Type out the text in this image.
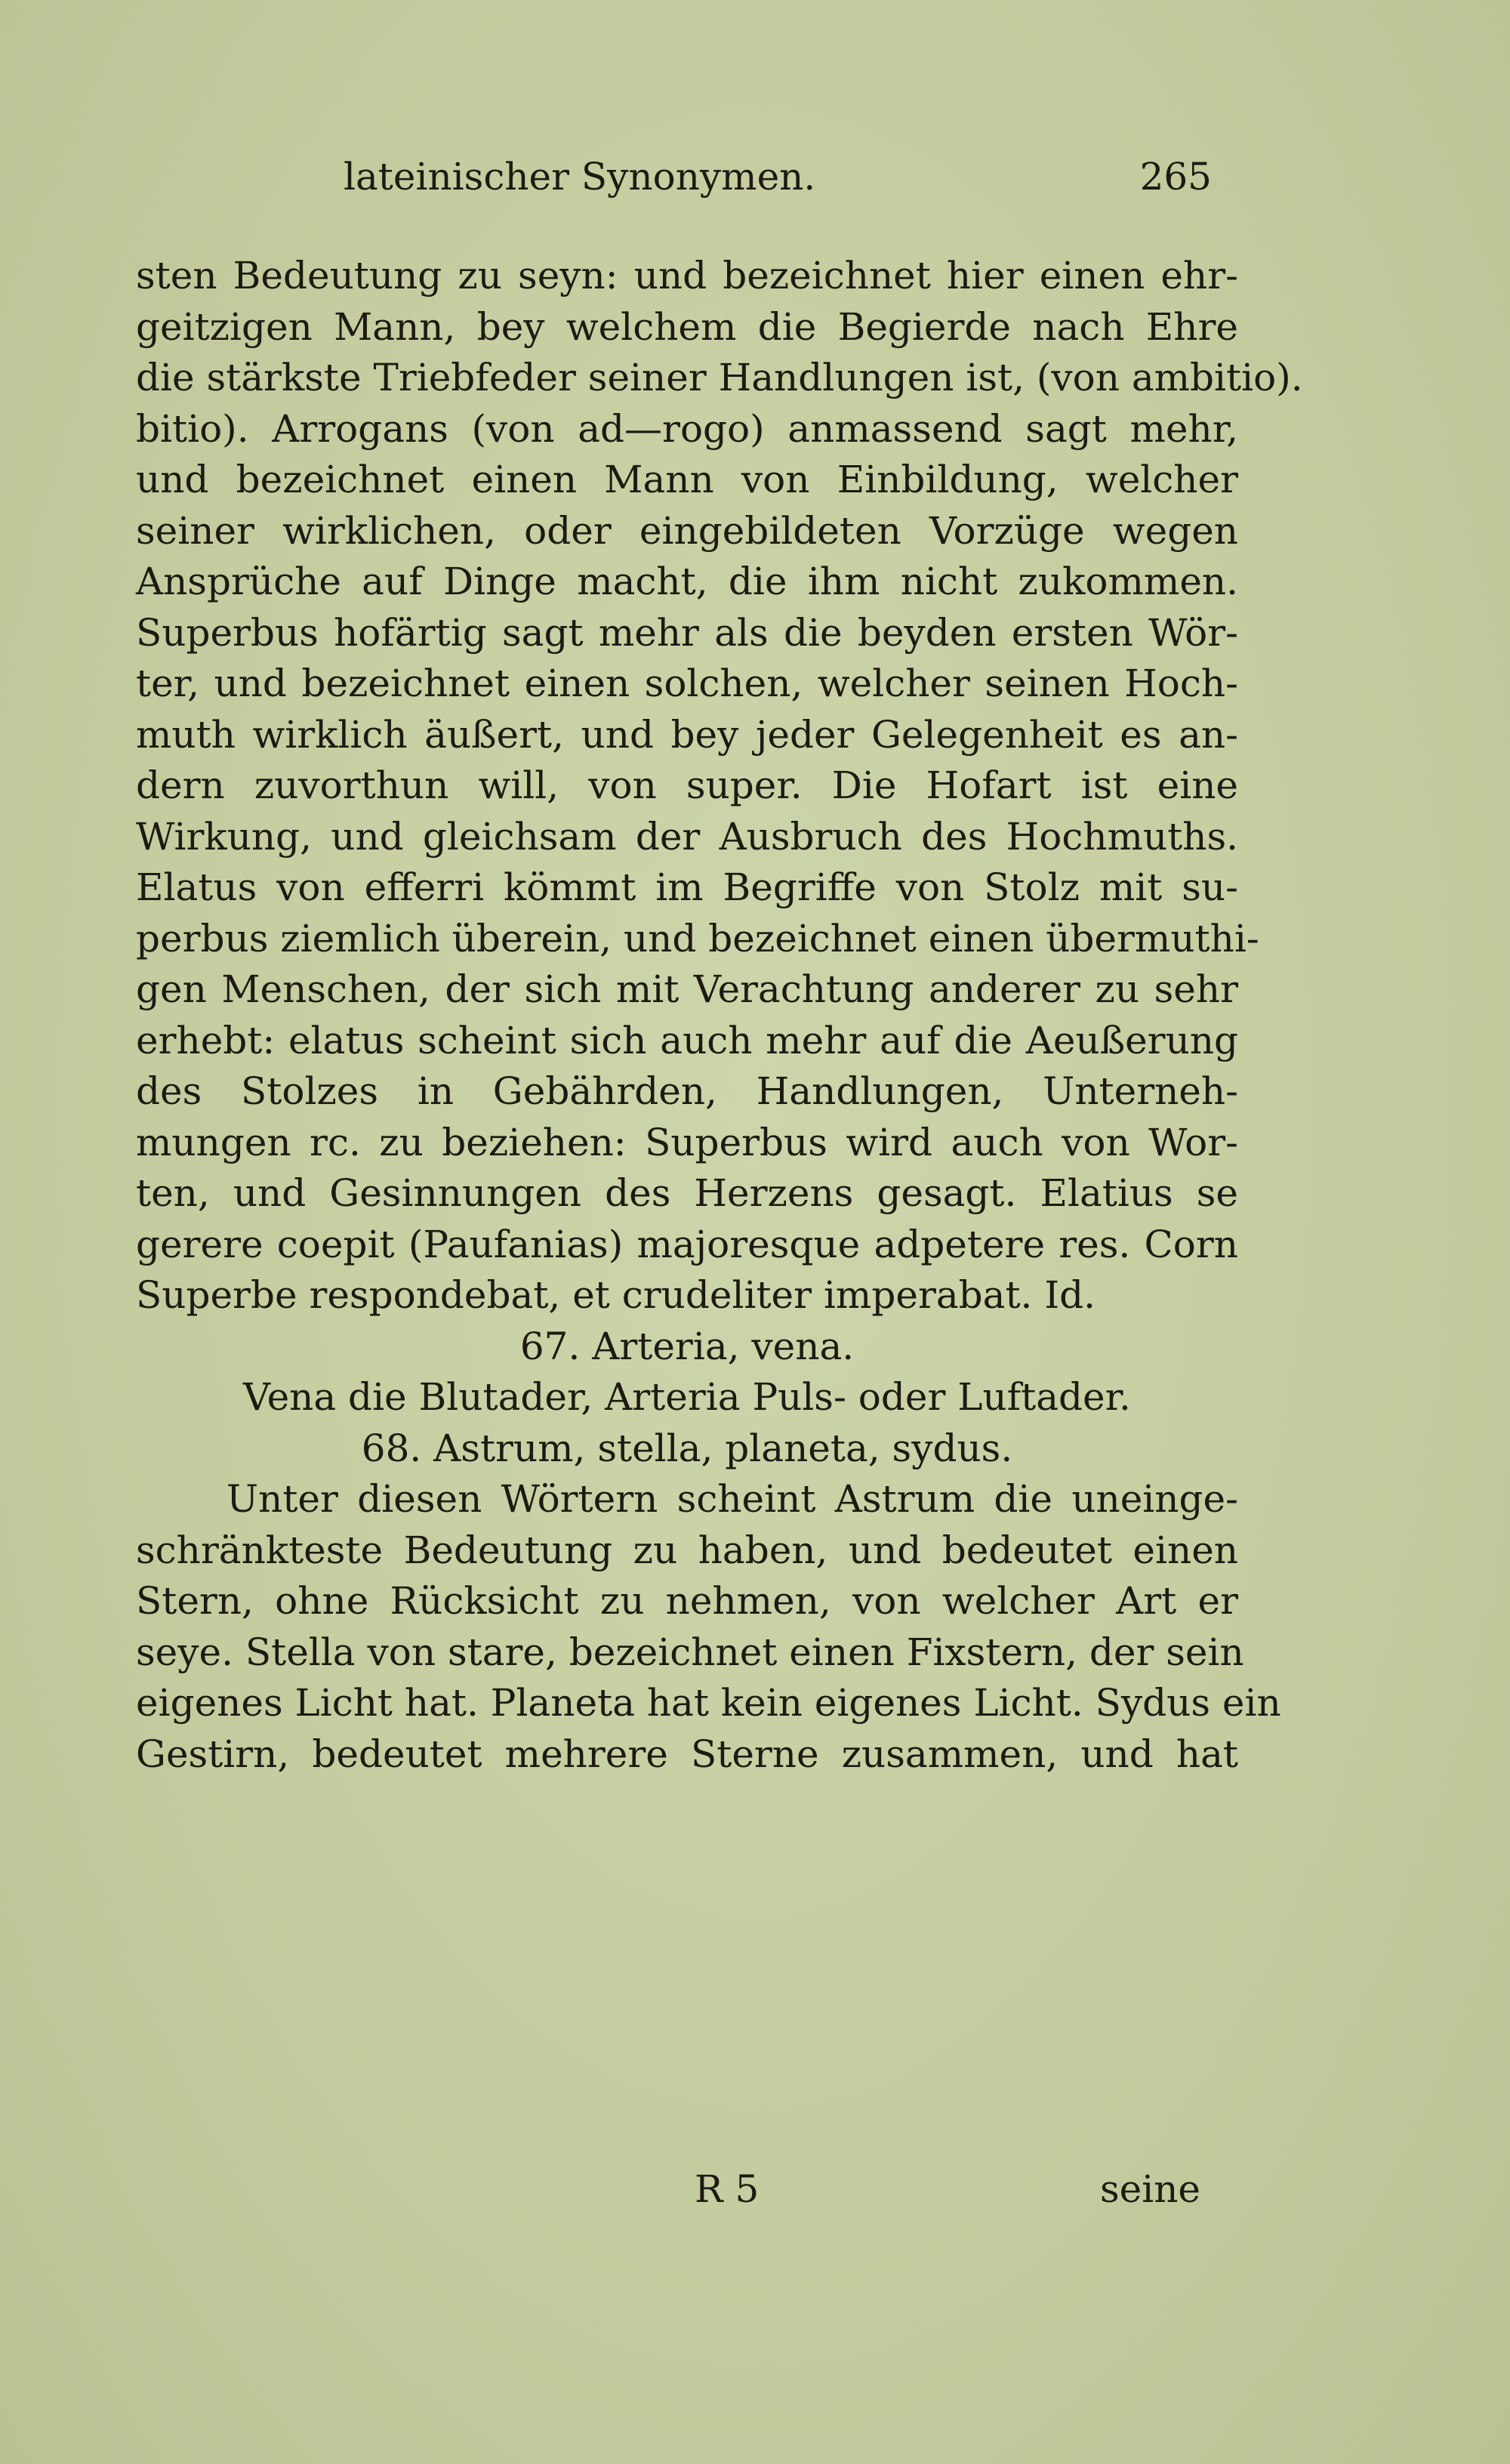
lateinischer Synonymen.	265
sten Bedeutung zu seyn: und bezeichnet hier einen ehr-
geitzigen Mann, bey welchem die Begierde nach Ehre
die stärkste Triebfeder seiner Handlungen ist, (von ambitio).
bitio). Arrogans (von ad—rogo) anmassend sagt mehr,
und bezeichnet einen Mann von Einbildung, welcher
seiner wirklichen, oder eingebildeten Vorzüge wegen
Ansprüche auf Dinge macht, die ihm nicht zukommen.
Superbus hofärtig sagt mehr als die beyden ersten Wör-
ter, und bezeichnet einen solchen, welcher seinen Hoch-
muth wirklich äußert, und bey jeder Gelegenheit es an-
dern zuvorthun will, von super. Die Hofart ist eine
Wirkung, und gleichsam der Ausbruch des Hochmuths.
Elatus von efferri kömmt im Begriffe von Stolz mit su-
perbus ziemlich überein, und bezeichnet einen übermuthi-
gen Menschen, der sich mit Verachtung anderer zu sehr
erhebt: elatus scheint sich auch mehr auf die Aeußerung
des Stolzes in Gebährden, Handlungen, Unterneh-
mungen rc. zu beziehen: Superbus wird auch von Wor-
ten, und Gesinnungen des Herzens gesagt. Elatius se
gerere coepit (Paufanias) majoresque adpetere res. Corn
Superbe respondebat, et crudeliter imperabat. Id.
67. Arteria, vena.
Vena die Blutader, Arteria Puls- oder Luftader.
68. Astrum, stella, planeta, sydus.
Unter diesen Wörtern scheint Astrum die uneinge-
schränkteste Bedeutung zu haben, und bedeutet einen
Stern, ohne Rücksicht zu nehmen, von welcher Art er
seye. Stella von stare, bezeichnet einen Fixstern, der sein
eigenes Licht hat. Planeta hat kein eigenes Licht. Sydus ein
Gestirn, bedeutet mehrere Sterne zusammen, und hat
R 5	seine
